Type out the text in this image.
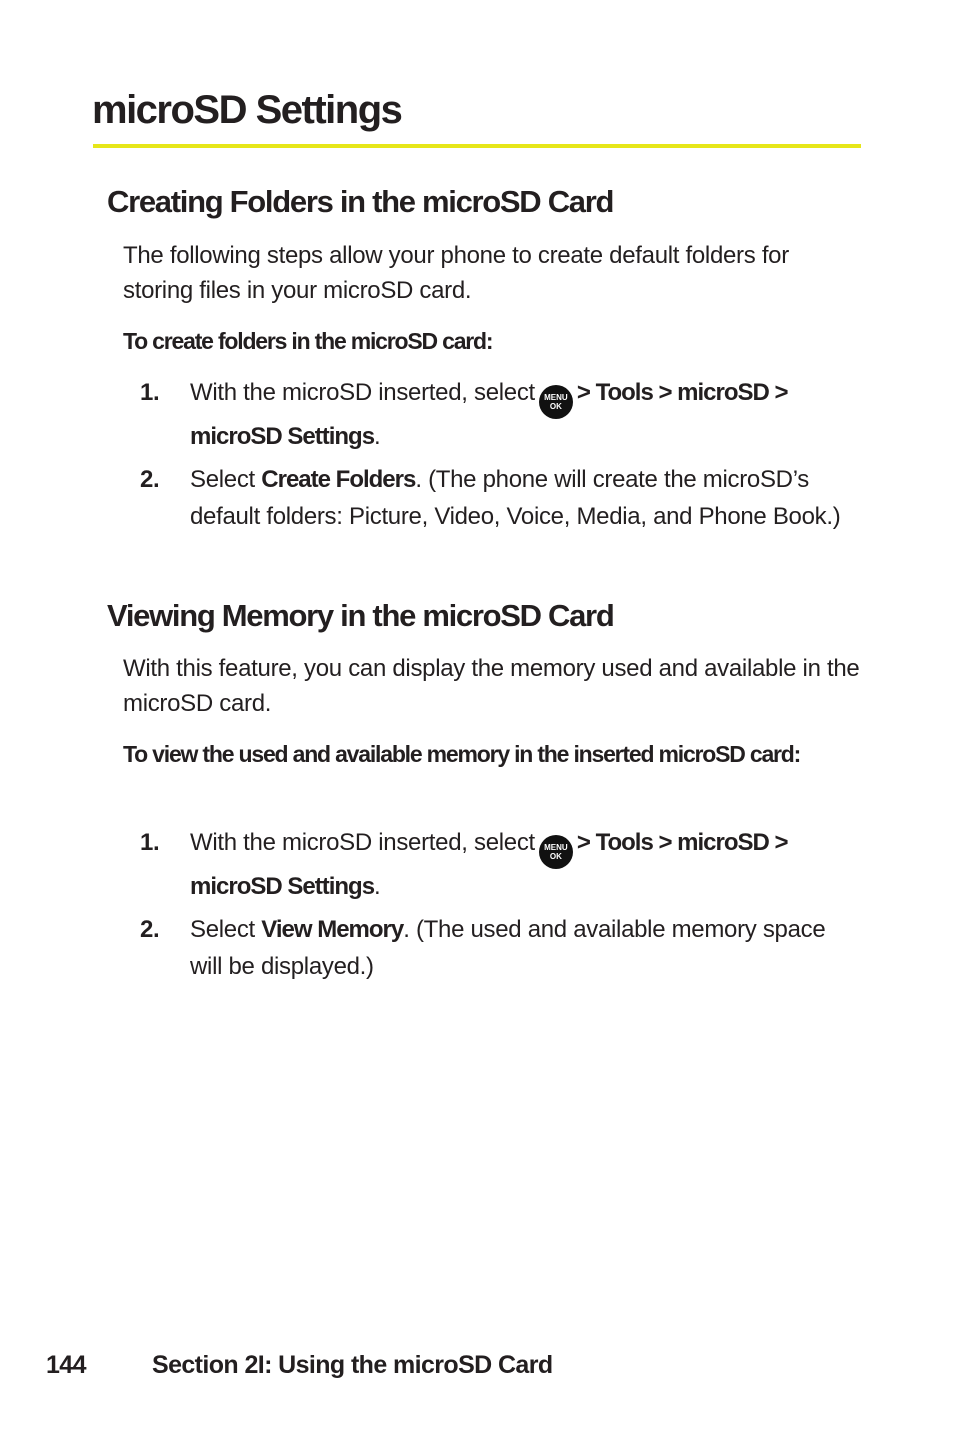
microSD Settings
Creating Folders in the microSD Card

The following steps allow your phone to create default folders for storing files in your microSD card.

To create folders in the microSD card:

1.	With the microSD inserted, select MENU
OK> Tools > microSD > microSD Settings.
2.	Select Create Folders. (The phone will create the microSD’s default folders: Picture, Video, Voice, Media, and Phone Book.)
Viewing Memory in the microSD Card

With this feature, you can display the memory used and available in the microSD card.

To view the used and available memory in the inserted microSD card:

1.	With the microSD inserted, select MENU
OK> Tools > microSD > microSD Settings.
2.	Select View Memory. (The used and available memory space will be displayed.)
144	Section 2I: Using the microSD Card
